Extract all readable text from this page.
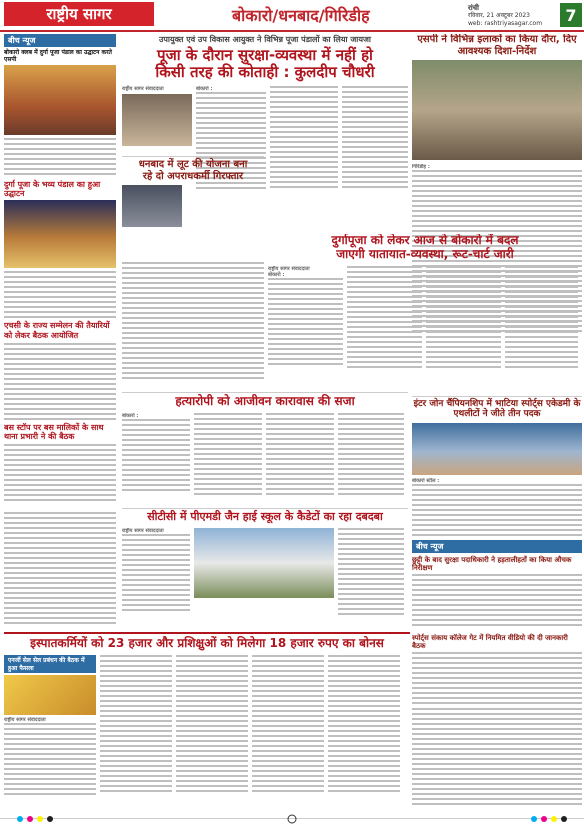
राष्ट्रीय सागर	बोकारो/धनबाद/गिरिडीह	रांची
रविवार, 21 अक्टूबर 2023
web: rashtriyasagar.com	7
बीच न्यूज
बोकारो क्लब में दुर्गा पूजा पंडाल का उद्घाटन करते एसपी
दुर्गा पूजा के भव्य पंडाल का हुआ उद्घाटन
एचसी के राज्य सम्मेलन की तैयारियों को लेकर बैठक आयोजित
बस स्टॉप पर बस मालिकों के साथ थाना प्रभारी ने की बैठक
उपायुक्त एवं उप विकास आयुक्त ने विभिन्न पूजा पंडालों का लिया जायजा
पूजा के दौरान सुरक्षा-व्यवस्था में नहीं हो
किसी तरह की कोताही : कुलदीप चौधरी
राष्ट्रीय सागर संवाददाता	बोकारो :
धनबाद में लूट की योजना बना
रहे दो अपराधकर्मी गिरफ्तार
एसपी ने विभिन्न इलाकों का किया दौरा, दिए आवश्यक दिशा-निर्देश
गिरिडीह :
दुर्गापूजा को लेकर आज से बोकारो में बदल
जाएगी यातायात-व्यवस्था, रूट-चार्ट जारी
राष्ट्रीय सागर संवाददाता
बोकारो :
हत्यारोपी को आजीवन कारावास की सजा
बोकारो :
इंटर जोन चैंपियनशिप में भाटिया स्पोर्ट्स एकेडमी के एथलीटों ने जीते तीन पदक
बोकारो स्टील :
सीटीसी में पीएमडी जैन हाई स्कूल के कैडेटों का रहा दबदबा
राष्ट्रीय सागर संवाददाता
बीच न्यूज
छुट्टी के बाद सुरक्षा पदाधिकारी ने हड़तालीहतों का किया औचक निरीक्षण
स्पोर्ट्स संकाय कॉलेज गेट में नियमित वीडियो की दी जानकारी बैठक
इस्पातकर्मियों को 23 हजार और प्रशिक्षुओं को मिलेगा 18 हजार रुपए का बोनस
एनर्जी सेल सेल प्रबंधन की बैठक में हुआ फैसला
राष्ट्रीय सागर संवाददाता
